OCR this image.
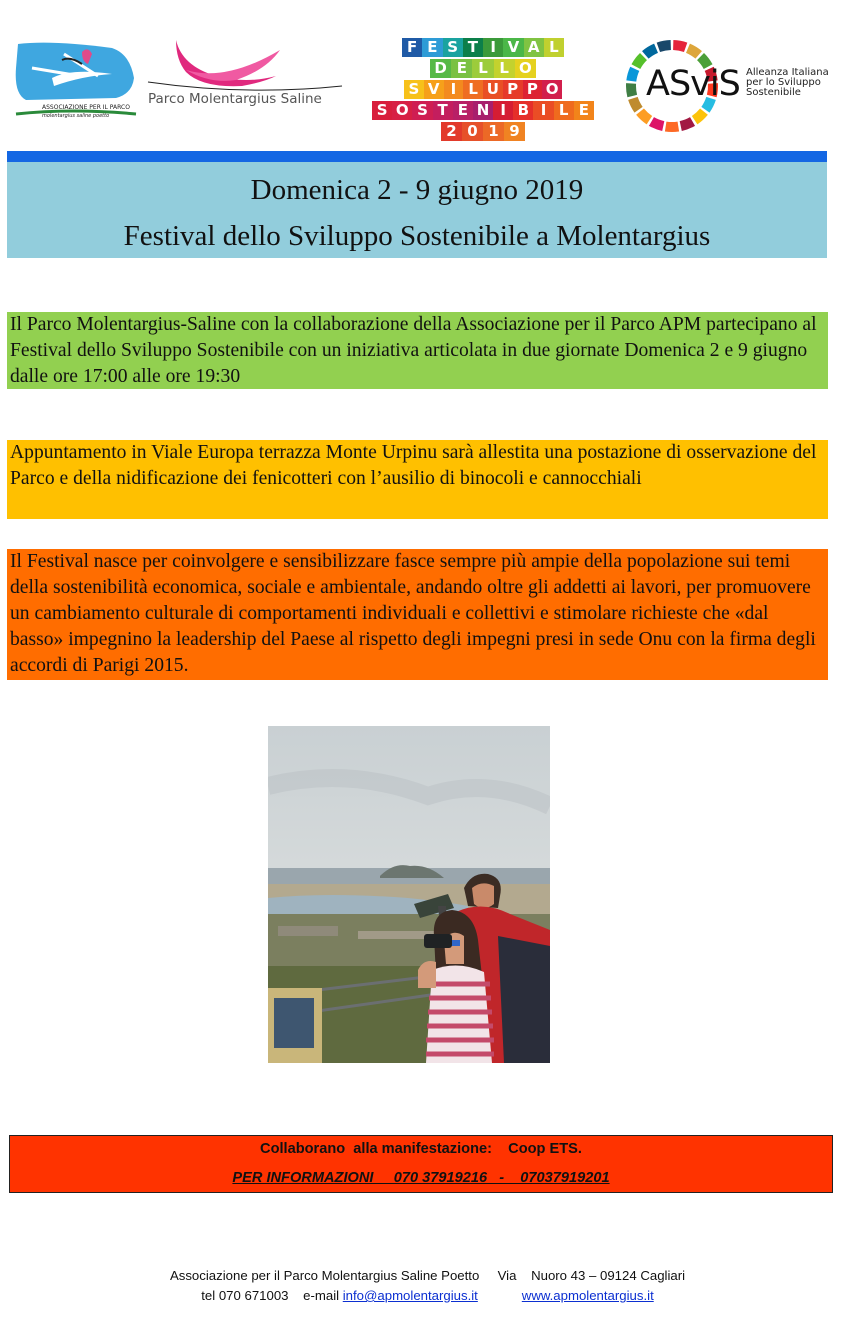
ASSOCIAZIONE PER IL PARCO
molentargius saline poetto
Parco Molentargius Saline
F E S T I V A L
D E L L O
S V I L U P P O
S O S T E N I B I L E
2 0 1 9
ASviS Alleanza Italiana
per lo Sviluppo
Sostenibile
Domenica 2 - 9 giugno 2019
Festival dello Sviluppo Sostenibile a Molentargius
Il Parco Molentargius-Saline con la collaborazione della Associazione per il Parco APM partecipano al Festival dello Sviluppo Sostenibile con un iniziativa articolata in due giornate Domenica 2 e 9 giugno dalle ore 17:00 alle ore 19:30
Appuntamento in Viale Europa terrazza Monte Urpinu sarà allestita una postazione di osservazione del Parco e della nidificazione dei fenicotteri con l’ausilio di binocoli e cannocchiali
Il Festival nasce per coinvolgere e sensibilizzare fasce sempre più ampie della popolazione sui temi della sostenibilità economica, sociale e ambientale, andando oltre gli addetti ai lavori, per promuovere un cambiamento culturale di comportamenti individuali e collettivi e stimolare richieste che «dal basso» impegnino la leadership del Paese al rispetto degli impegni presi in sede Onu con la firma degli accordi di Parigi 2015.
Collaborano  alla manifestazione:    Coop ETS.
PER INFORMAZIONI     070 37919216   -    07037919201
Associazione per il Parco Molentargius Saline Poetto     Via    Nuoro 43 – 09124 Cagliari
tel 070 671003    e-mail info@apmolentargius.it	www.apmolentargius.it
